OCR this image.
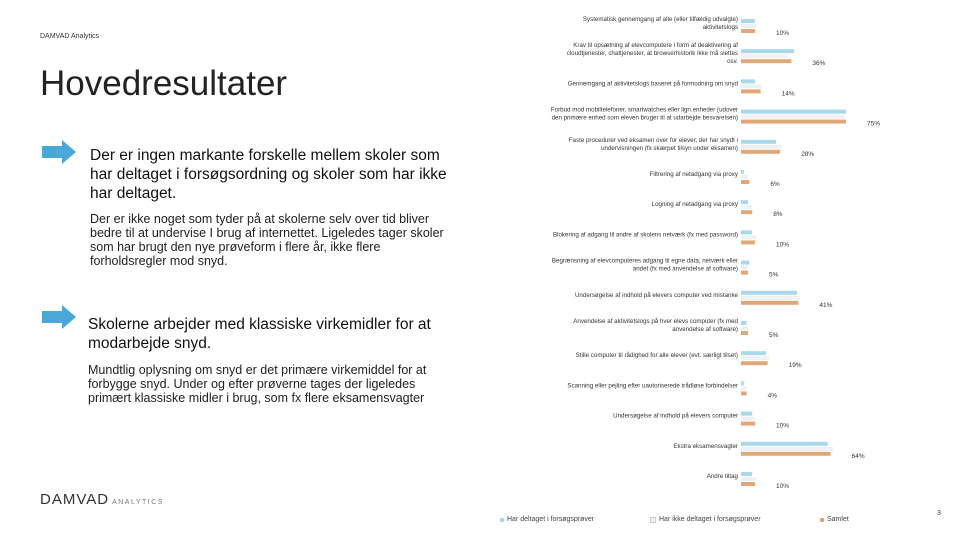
DAMVAD Analytics
Hovedresultater
Der er ingen markante forskelle mellem skoler som har deltaget i forsøgsordning og skoler som har ikke har deltaget.
Der er ikke noget som tyder på at skolerne selv over tid bliver bedre til at undervise I brug af internettet. Ligeledes tager skoler som har brugt den nye prøveform i flere år, ikke flere forholdsregler mod snyd.
Skolerne arbejder med klassiske virkemidler for at modarbejde snyd.
Mundtlig oplysning om snyd er det primære virkemiddel for at forbygge snyd. Under og efter prøverne tages der ligeledes primært klassiske midler i brug, som fx flere eksamensvagter
DAMVAD ANALYTICS
3
Systematisk gennemgang af alle (eller tilfældig udvalgte) aktivitetslogs
10%
Krav til opsætning af elevcomputere i form af deaktivering af cloudtjenester, chattjenester, at browserhistorik ikke må slettes osv.	36%
Gennemgang af aktivitetslogs baseret på formodning om snyd
14%
Forbud mod mobiltelefoner, smartwatches eller lign.enheder (udover den primære enhed som eleven bruger til at udarbejde besvarelsen)
75%
Faste procedurer ved eksamen over for elever, der har snydt i undervisningen (fx skærpet tilsyn under eksamen)
28%
Filtrering af netadgang via proxy
6%
Logning af netadgang via proxy
8%
Blokering af adgang til andre af skolens netværk (fx med password)
10%
Begrænsning af elevcomputeres adgang til egne data, netværk eller andet (fx med anvendelse af software)
5%
Undersøgelse af indhold på elevers computer ved mistanke
41%
Anvendelse af aktivitetslogs på hver elevs computer (fx med anvendelse af software)
5%
Stille computer til rådighed for alle elever (evt. særligt tilset)
19%
Scanning eller pejling efter uautoriserede trådløse forbindelser
4%
Undersøgelse af indhold på elevers computer
10%
Ekstra eksamensvagter
64%
Andre tiltag
10%
Har deltaget i forsøgsprøver	Har ikke deltaget i forsøgsprøver	Samlet
